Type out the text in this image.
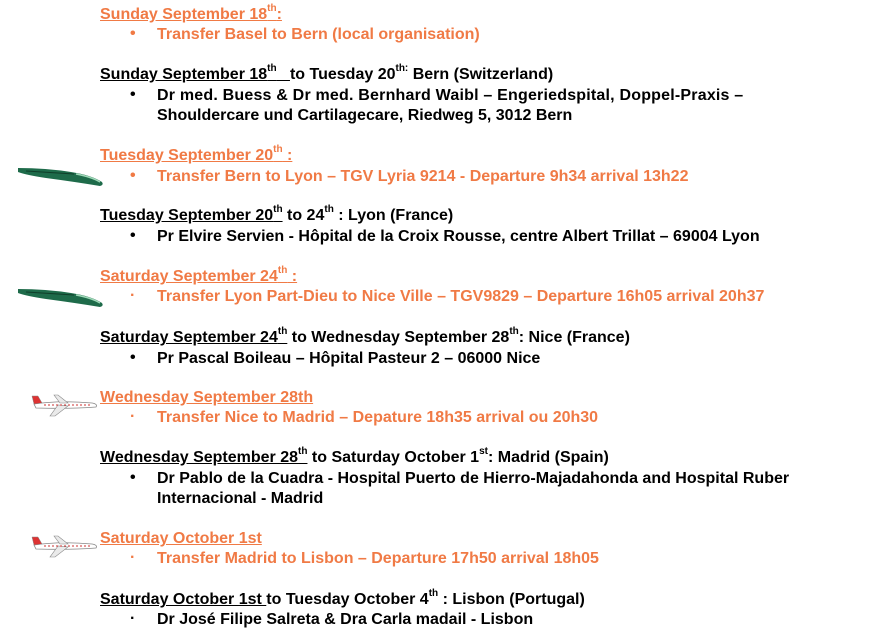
Sunday September 18th:
• Transfer Basel to Bern (local organisation)
Sunday September 18th to Tuesday $20^{th:}$ Bern (Switzerland)
• Dr med. Buess & Dr med. Bernhard Waibl – Engeriedspital, Doppel-Praxis –
Shouldercare und Cartilagecare, Riedweg 5, 3012 Bern
Tuesday September 20th :
• Transfer Bern to Lyon – TGV Lyria 9214 - Departure 9h34 arrival 13h22
Tuesday September 20th to 24th : Lyon (France)
• Pr Elvire Servien - Hôpital de la Croix Rousse, centre Albert Trillat – 69004 Lyon
Saturday September 24th :
· Transfer Lyon Part-Dieu to Nice Ville – TGV9829 – Departure 16h05 arrival 20h37
Saturday September 24th to Wednesday September 28th: Nice (France)
• Pr Pascal Boileau – Hôpital Pasteur 2 – 06000 Nice
Wednesday September 28th
· Transfer Nice to Madrid – Depature 18h35 arrival ou 20h30
Wednesday September 28th to Saturday October 1st: Madrid (Spain)
• Dr Pablo de la Cuadra - Hospital Puerto de Hierro-Majadahonda and Hospital Ruber
Internacional - Madrid
Saturday October 1st
· Transfer Madrid to Lisbon – Departure 17h50 arrival 18h05
Saturday October 1st to Tuesday October 4th : Lisbon (Portugal)
· Dr José Filipe Salreta & Dra Carla madail - Lisbon
